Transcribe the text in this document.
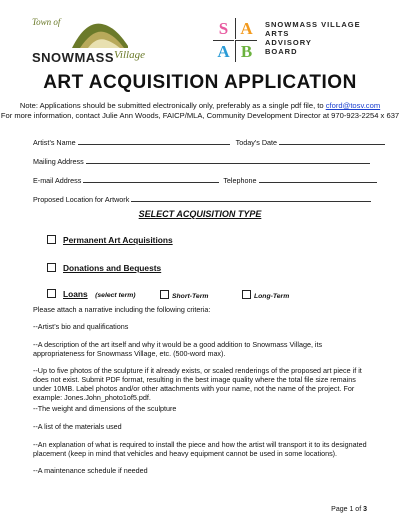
Town of
SNOWMASS Village
S A
A B
SNOWMASS VILLAGE
ARTS
ADVISORY
BOARD
ART ACQUISITION APPLICATION
Note: Applications should be submitted electronically only, preferably as a single pdf file, to cford@tosv.com
For more information, contact Julie Ann Woods, FAICP/MLA, Community Development Director at 970-923-2254 x 637
Artist’s Name	Today’s Date
Mailing Address
E-mail Address	Telephone
Proposed Location for Artwork
SELECT ACQUISITION TYPE
Permanent Art Acquisitions
Donations and Bequests
Loans (select term)	Short-Term	Long-Term
Please attach a narrative including the following criteria:
--Artist’s bio and qualifications
--A description of the art itself and why it would be a good addition to Snowmass Village, its appropriateness for Snowmass Village, etc. (500-word max).
--Up to five photos of the sculpture if it already exists, or scaled renderings of the proposed art piece if it does not exist. Submit PDF format, resulting in the best image quality where the total file size remains under 10MB. Label photos and/or other attachments with your name, not the name of the project. For example: Jones.John_photo1of5.pdf.
--The weight and dimensions of the sculpture
--A list of the materials used
--An explanation of what is required to install the piece and how the artist will transport it to its designated placement (keep in mind that vehicles and heavy equipment cannot be used in some locations).
--A maintenance schedule if needed
Page 1 of 3
